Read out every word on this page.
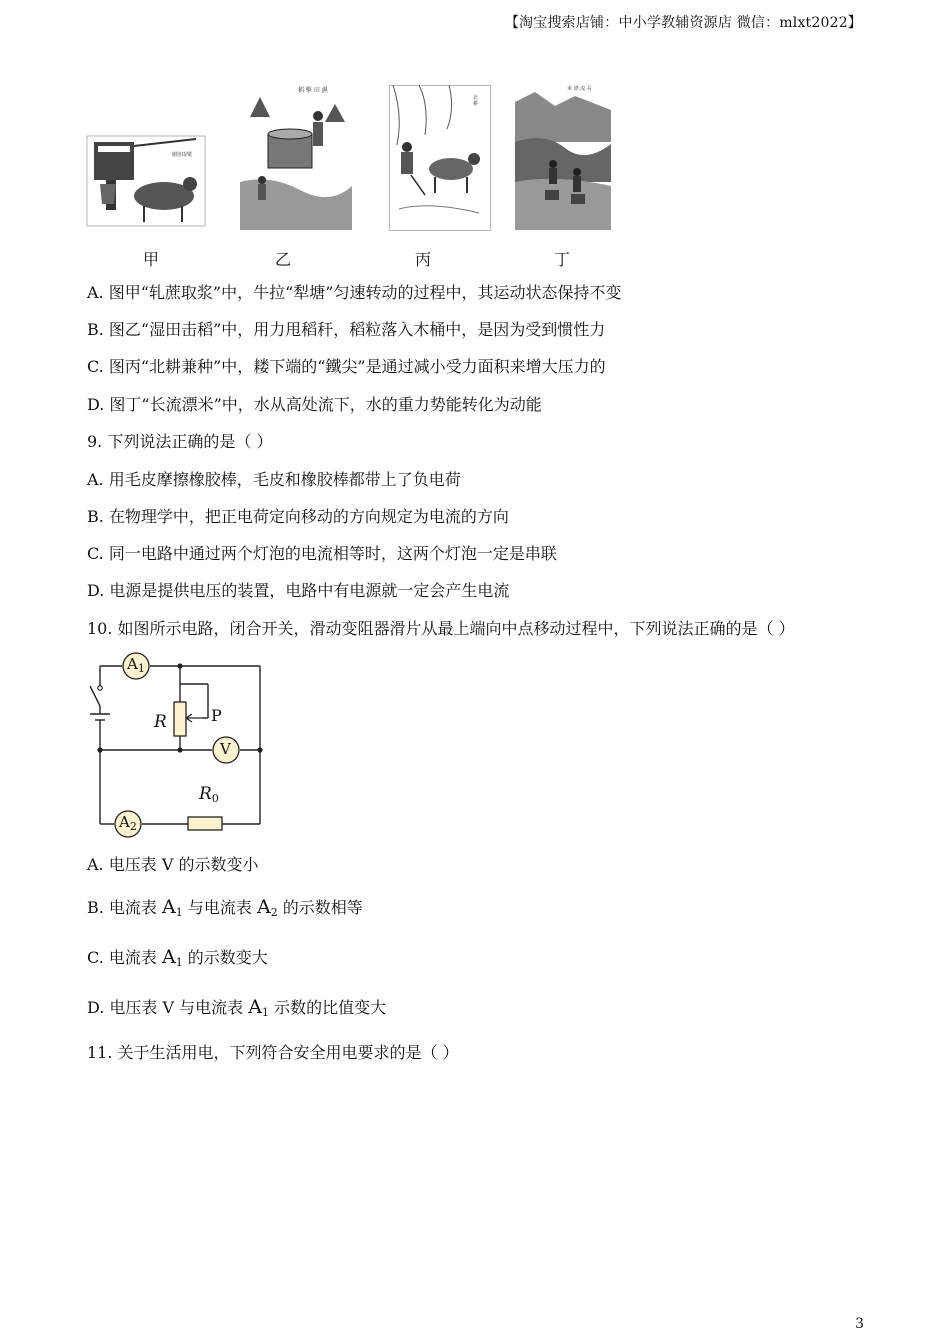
【淘宝搜索店铺：中小学教辅资源店 微信：mlxt2022】
樹蔗取漿
甲
稻 擊 田 濕
乙
北
耕
丙
米 漂 流 長
丁
A. 图甲“轧蔗取浆”中，牛拉“犁塘”匀速转动的过程中，其运动状态保持不变
B. 图乙“湿田击稻”中，用力甩稻秆，稻粒落入木桶中，是因为受到惯性力
C. 图丙“北耕兼种”中，耧下端的“鐵尖”是通过减小受力面积来增大压力的
D. 图丁“长流漂米”中，水从高处流下，水的重力势能转化为动能
9. 下列说法正确的是（ ）
A. 用毛皮摩擦橡胶棒，毛皮和橡胶棒都带上了负电荷
B. 在物理学中，把正电荷定向移动的方向规定为电流的方向
C. 同一电路中通过两个灯泡的电流相等时，这两个灯泡一定是串联
D. 电源是提供电压的装置，电路中有电源就一定会产生电流
10. 如图所示电路，闭合开关，滑动变阻器滑片从最上端向中点移动过程中，下列说法正确的是（ ）
$A_1$
V
$A_2$
R	P
$R_0$
A. 电压表 V 的示数变小
B. 电流表 $A_1$ 与电流表 $A_2$ 的示数相等
C. 电流表 $A_1$ 的示数变大
D. 电压表 V 与电流表 $A_1$ 示数的比值变大
11. 关于生活用电，下列符合安全用电要求的是（ ）
3
